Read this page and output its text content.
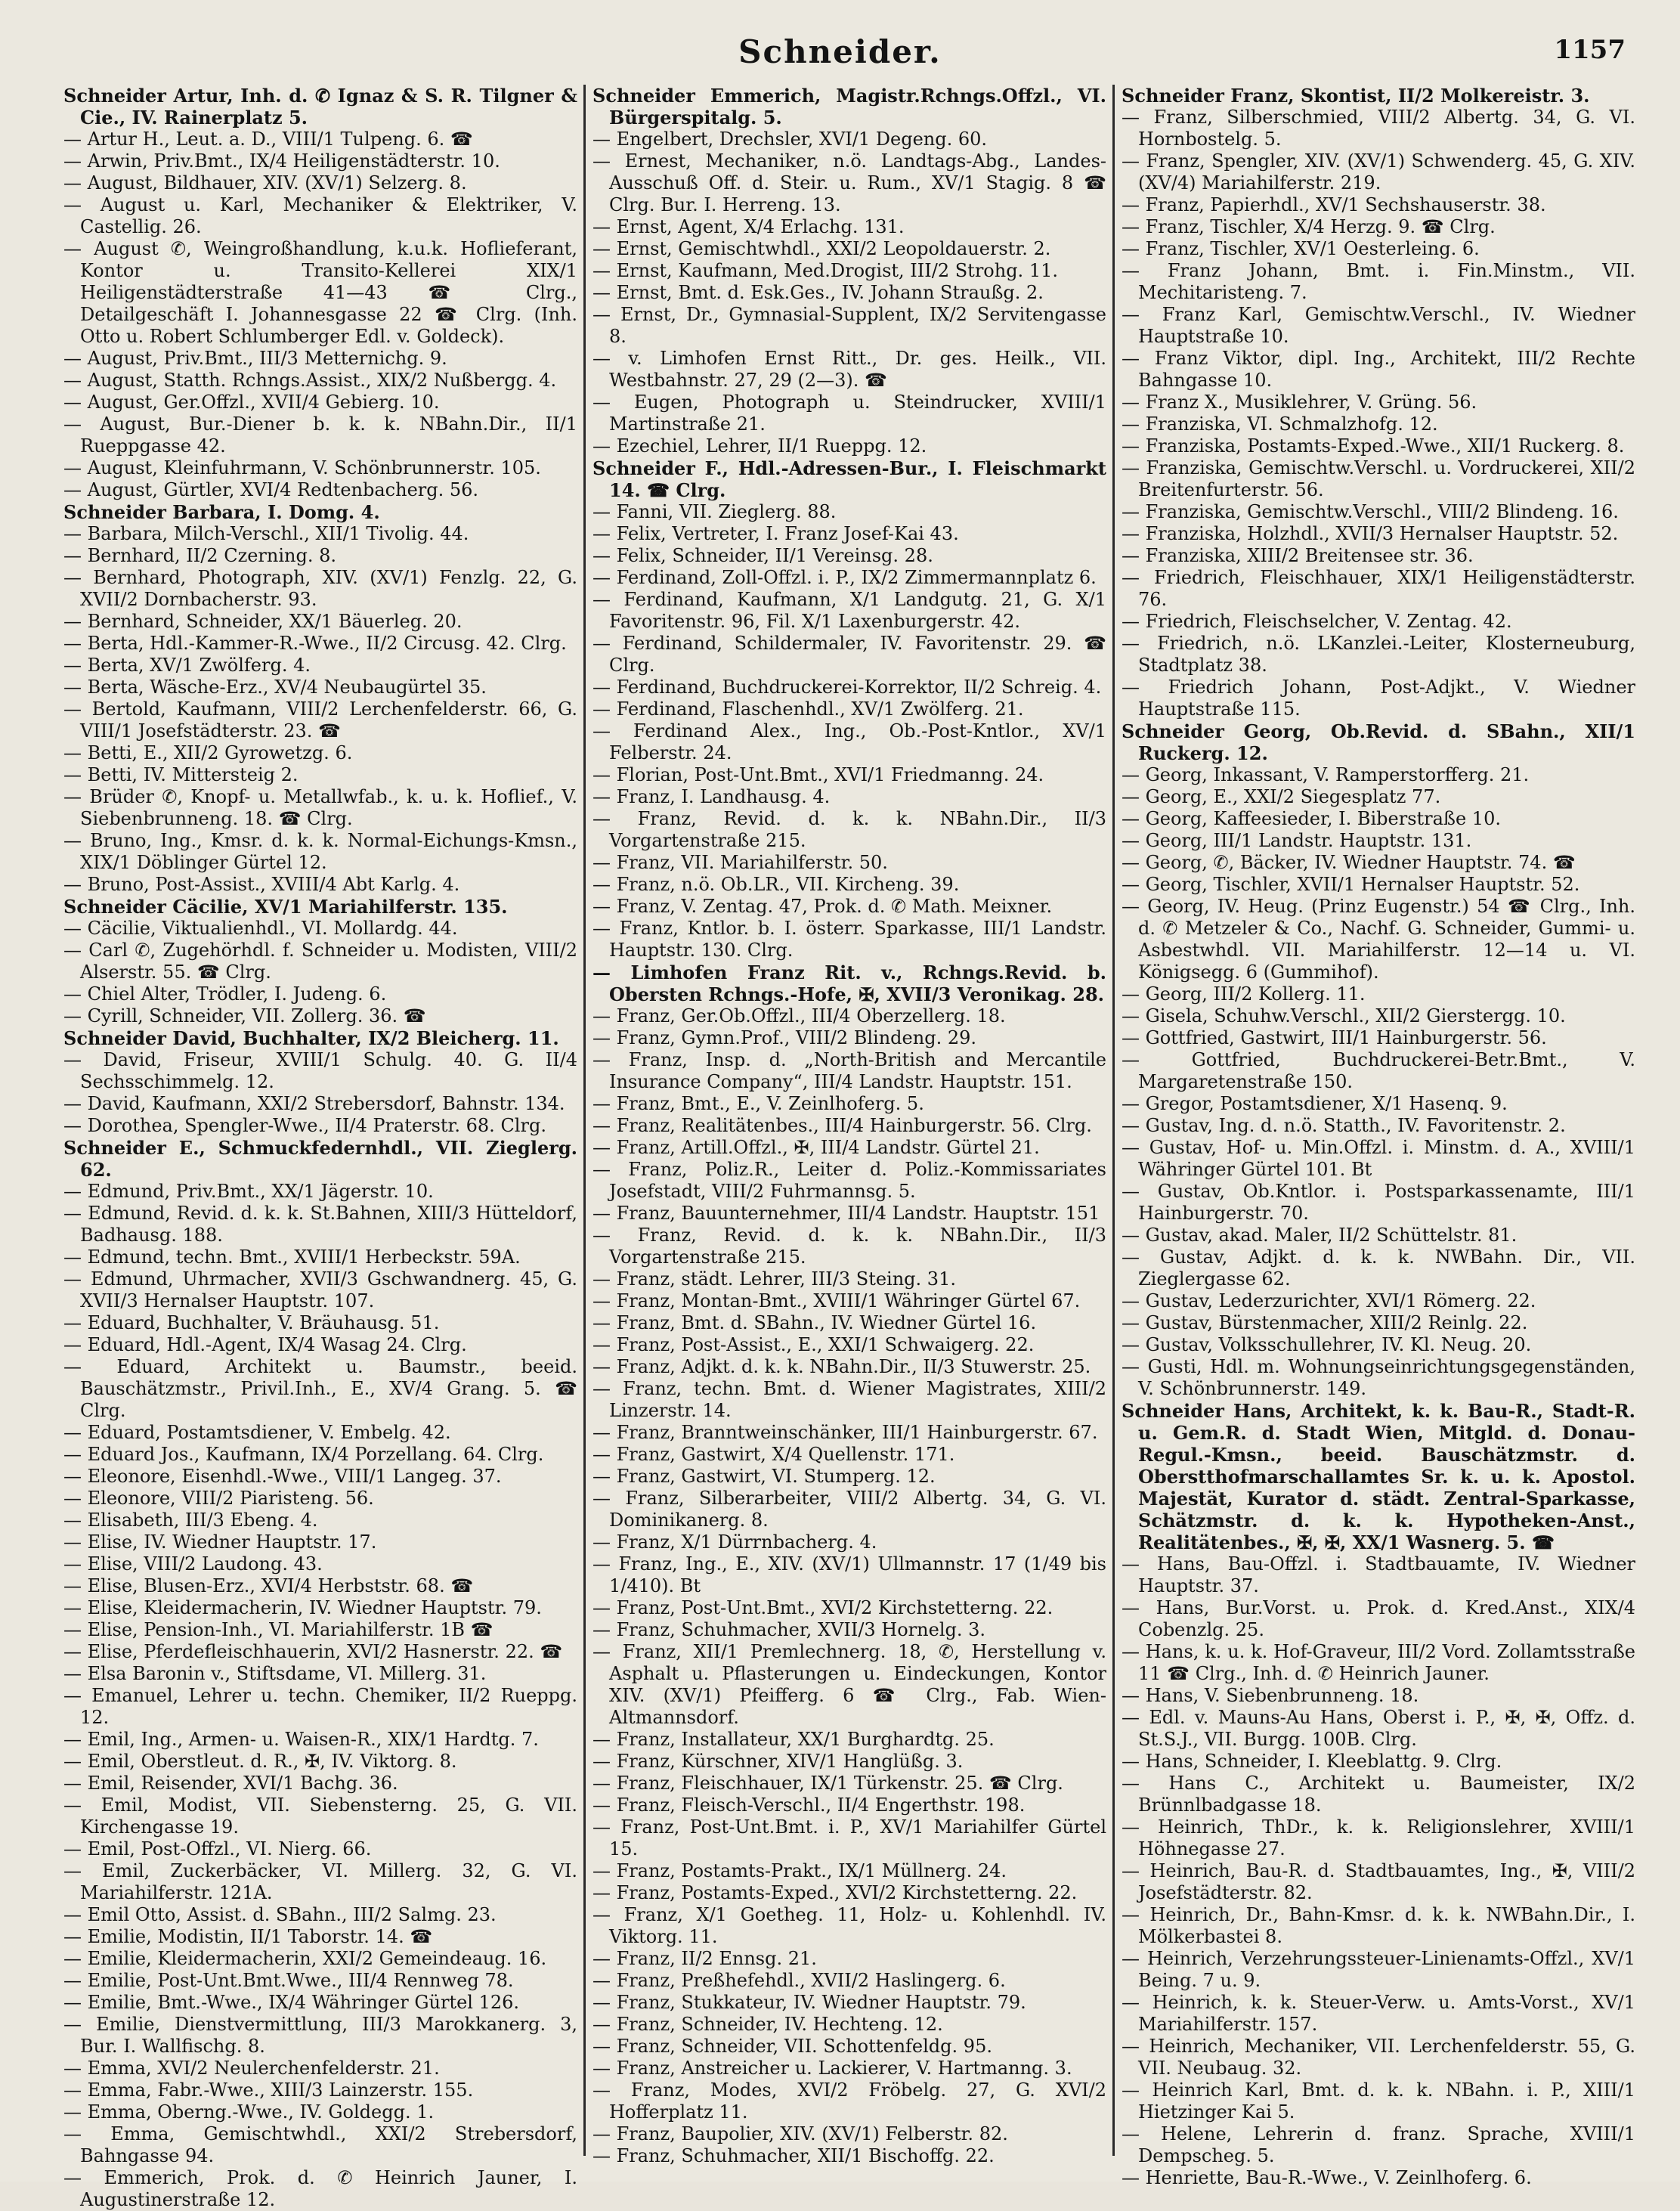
Schneider.	1157

Schneider Artur, Inh. d. ✆ Ignaz & S. R. Tilgner & Cie., IV. Rainerplatz 5.

— Artur H., Leut. a. D., VIII/1 Tulpeng. 6. ☎

— Arwin, Priv.Bmt., IX/4 Heiligenstädterstr. 10.

— August, Bildhauer, XIV. (XV/1) Selzerg. 8.

— August u. Karl, Mechaniker & Elektriker, V. Castellig. 26.

— August ✆, Weingroßhandlung, k.u.k. Hoflieferant, Kontor u. Transito-Kellerei XIX/1 Heiligenstädterstraße 41—43 ☎ Clrg., Detailgeschäft I. Johannesgasse 22 ☎ Clrg. (Inh. Otto u. Robert Schlumberger Edl. v. Goldeck).

— August, Priv.Bmt., III/3 Metternichg. 9.

— August, Statth. Rchngs.Assist., XIX/2 Nußbergg. 4.

— August, Ger.Offzl., XVII/4 Gebierg. 10.

— August, Bur.-Diener b. k. k. NBahn.Dir., II/1 Rueppgasse 42.

— August, Kleinfuhrmann, V. Schönbrunnerstr. 105.

— August, Gürtler, XVI/4 Redtenbacherg. 56.

Schneider Barbara, I. Domg. 4.

— Barbara, Milch-Verschl., XII/1 Tivolig. 44.

— Bernhard, II/2 Czerning. 8.

— Bernhard, Photograph, XIV. (XV/1) Fenzlg. 22, G. XVII/2 Dornbacherstr. 93.

— Bernhard, Schneider, XX/1 Bäuerleg. 20.

— Berta, Hdl.-Kammer-R.-Wwe., II/2 Circusg. 42. Clrg.

— Berta, XV/1 Zwölferg. 4.

— Berta, Wäsche-Erz., XV/4 Neubaugürtel 35.

— Bertold, Kaufmann, VIII/2 Lerchenfelderstr. 66, G. VIII/1 Josefstädterstr. 23. ☎

— Betti, E., XII/2 Gyrowetzg. 6.

— Betti, IV. Mittersteig 2.

— Brüder ✆, Knopf- u. Metallwfab., k. u. k. Hoflief., V. Siebenbrunneng. 18. ☎ Clrg.

— Bruno, Ing., Kmsr. d. k. k. Normal-Eichungs-Kmsn., XIX/1 Döblinger Gürtel 12.

— Bruno, Post-Assist., XVIII/4 Abt Karlg. 4.

Schneider Cäcilie, XV/1 Mariahilferstr. 135.

— Cäcilie, Viktualienhdl., VI. Mollardg. 44.

— Carl ✆, Zugehörhdl. f. Schneider u. Modisten, VIII/2 Alserstr. 55. ☎ Clrg.

— Chiel Alter, Trödler, I. Judeng. 6.

— Cyrill, Schneider, VII. Zollerg. 36. ☎

Schneider David, Buchhalter, IX/2 Bleicherg. 11.

— David, Friseur, XVIII/1 Schulg. 40. G. II/4 Sechsschimmelg. 12.

— David, Kaufmann, XXI/2 Strebersdorf, Bahnstr. 134.

— Dorothea, Spengler-Wwe., II/4 Praterstr. 68. Clrg.

Schneider E., Schmuckfedernhdl., VII. Zieglerg. 62.

— Edmund, Priv.Bmt., XX/1 Jägerstr. 10.

— Edmund, Revid. d. k. k. St.Bahnen, XIII/3 Hütteldorf, Badhausg. 188.

— Edmund, techn. Bmt., XVIII/1 Herbeckstr. 59A.

— Edmund, Uhrmacher, XVII/3 Gschwandnerg. 45, G. XVII/3 Hernalser Hauptstr. 107.

— Eduard, Buchhalter, V. Bräuhausg. 51.

— Eduard, Hdl.-Agent, IX/4 Wasag 24. Clrg.

— Eduard, Architekt u. Baumstr., beeid. Bauschätzmstr., Privil.Inh., E., XV/4 Grang. 5. ☎ Clrg.

— Eduard, Postamtsdiener, V. Embelg. 42.

— Eduard Jos., Kaufmann, IX/4 Porzellang. 64. Clrg.

— Eleonore, Eisenhdl.-Wwe., VIII/1 Langeg. 37.

— Eleonore, VIII/2 Piaristeng. 56.

— Elisabeth, III/3 Ebeng. 4.

— Elise, IV. Wiedner Hauptstr. 17.

— Elise, VIII/2 Laudong. 43.

— Elise, Blusen-Erz., XVI/4 Herbststr. 68. ☎

— Elise, Kleidermacherin, IV. Wiedner Hauptstr. 79.

— Elise, Pension-Inh., VI. Mariahilferstr. 1B ☎

— Elise, Pferdefleischhauerin, XVI/2 Hasnerstr. 22. ☎

— Elsa Baronin v., Stiftsdame, VI. Millerg. 31.

— Emanuel, Lehrer u. techn. Chemiker, II/2 Rueppg. 12.

— Emil, Ing., Armen- u. Waisen-R., XIX/1 Hardtg. 7.

— Emil, Oberstleut. d. R., ✠, IV. Viktorg. 8.

— Emil, Reisender, XVI/1 Bachg. 36.

— Emil, Modist, VII. Siebensterng. 25, G. VII. Kirchengasse 19.

— Emil, Post-Offzl., VI. Nierg. 66.

— Emil, Zuckerbäcker, VI. Millerg. 32, G. VI. Mariahilferstr. 121A.

— Emil Otto, Assist. d. SBahn., III/2 Salmg. 23.

— Emilie, Modistin, II/1 Taborstr. 14. ☎

— Emilie, Kleidermacherin, XXI/2 Gemeindeaug. 16.

— Emilie, Post-Unt.Bmt.Wwe., III/4 Rennweg 78.

— Emilie, Bmt.-Wwe., IX/4 Währinger Gürtel 126.

— Emilie, Dienstvermittlung, III/3 Marokkanerg. 3, Bur. I. Wallfischg. 8.

— Emma, XVI/2 Neulerchenfelderstr. 21.

— Emma, Fabr.-Wwe., XIII/3 Lainzerstr. 155.

— Emma, Oberng.-Wwe., IV. Goldegg. 1.

— Emma, Gemischtwhdl., XXI/2 Strebersdorf, Bahngasse 94.

— Emmerich, Prok. d. ✆ Heinrich Jauner, I. Augustinerstraße 12.

Schneider Emmerich, Magistr.Rchngs.Offzl., VI. Bürgerspitalg. 5.

— Engelbert, Drechsler, XVI/1 Degeng. 60.

— Ernest, Mechaniker, n.ö. Landtags-Abg., Landes-Ausschuß Off. d. Steir. u. Rum., XV/1 Stagig. 8 ☎ Clrg. Bur. I. Herreng. 13.

— Ernst, Agent, X/4 Erlachg. 131.

— Ernst, Gemischtwhdl., XXI/2 Leopoldauerstr. 2.

— Ernst, Kaufmann, Med.Drogist, III/2 Strohg. 11.

— Ernst, Bmt. d. Esk.Ges., IV. Johann Straußg. 2.

— Ernst, Dr., Gymnasial-Supplent, IX/2 Servitengasse 8.

— v. Limhofen Ernst Ritt., Dr. ges. Heilk., VII. Westbahnstr. 27, 29 (2—3). ☎

— Eugen, Photograph u. Steindrucker, XVIII/1 Martinstraße 21.

— Ezechiel, Lehrer, II/1 Rueppg. 12.

Schneider F., Hdl.-Adressen-Bur., I. Fleischmarkt 14. ☎ Clrg.

— Fanni, VII. Zieglerg. 88.

— Felix, Vertreter, I. Franz Josef-Kai 43.

— Felix, Schneider, II/1 Vereinsg. 28.

— Ferdinand, Zoll-Offzl. i. P., IX/2 Zimmermannplatz 6.

— Ferdinand, Kaufmann, X/1 Landgutg. 21, G. X/1 Favoritenstr. 96, Fil. X/1 Laxenburgerstr. 42.

— Ferdinand, Schildermaler, IV. Favoritenstr. 29. ☎ Clrg.

— Ferdinand, Buchdruckerei-Korrektor, II/2 Schreig. 4.

— Ferdinand, Flaschenhdl., XV/1 Zwölferg. 21.

— Ferdinand Alex., Ing., Ob.-Post-Kntlor., XV/1 Felberstr. 24.

— Florian, Post-Unt.Bmt., XVI/1 Friedmanng. 24.

— Franz, I. Landhausg. 4.

— Franz, Revid. d. k. k. NBahn.Dir., II/3 Vorgartenstraße 215.

— Franz, VII. Mariahilferstr. 50.

— Franz, n.ö. Ob.LR., VII. Kircheng. 39.

— Franz, V. Zentag. 47, Prok. d. ✆ Math. Meixner.

— Franz, Kntlor. b. I. österr. Sparkasse, III/1 Landstr. Hauptstr. 130. Clrg.

— Limhofen Franz Rit. v., Rchngs.Revid. b. Obersten Rchngs.-Hofe, ✠, XVII/3 Veronikag. 28.

— Franz, Ger.Ob.Offzl., III/4 Oberzellerg. 18.

— Franz, Gymn.Prof., VIII/2 Blindeng. 29.

— Franz, Insp. d. „North-British and Mercantile Insurance Company“, III/4 Landstr. Hauptstr. 151.

— Franz, Bmt., E., V. Zeinlhoferg. 5.

— Franz, Realitätenbes., III/4 Hainburgerstr. 56. Clrg.

— Franz, Artill.Offzl., ✠, III/4 Landstr. Gürtel 21.

— Franz, Poliz.R., Leiter d. Poliz.-Kommissariates Josefstadt, VIII/2 Fuhrmannsg. 5.

— Franz, Bauunternehmer, III/4 Landstr. Hauptstr. 151

— Franz, Revid. d. k. k. NBahn.Dir., II/3 Vorgartenstraße 215.

— Franz, städt. Lehrer, III/3 Steing. 31.

— Franz, Montan-Bmt., XVIII/1 Währinger Gürtel 67.

— Franz, Bmt. d. SBahn., IV. Wiedner Gürtel 16.

— Franz, Post-Assist., E., XXI/1 Schwaigerg. 22.

— Franz, Adjkt. d. k. k. NBahn.Dir., II/3 Stuwerstr. 25.

— Franz, techn. Bmt. d. Wiener Magistrates, XIII/2 Linzerstr. 14.

— Franz, Branntweinschänker, III/1 Hainburgerstr. 67.

— Franz, Gastwirt, X/4 Quellenstr. 171.

— Franz, Gastwirt, VI. Stumperg. 12.

— Franz, Silberarbeiter, VIII/2 Albertg. 34, G. VI. Dominikanerg. 8.

— Franz, X/1 Dürrnbacherg. 4.

— Franz, Ing., E., XIV. (XV/1) Ullmannstr. 17 (1/49 bis 1/410). Bt

— Franz, Post-Unt.Bmt., XVI/2 Kirchstetterng. 22.

— Franz, Schuhmacher, XVII/3 Hornelg. 3.

— Franz, XII/1 Premlechnerg. 18, ✆, Herstellung v. Asphalt u. Pflasterungen u. Eindeckungen, Kontor XIV. (XV/1) Pfeifferg. 6 ☎ Clrg., Fab. Wien-Altmannsdorf.

— Franz, Installateur, XX/1 Burghardtg. 25.

— Franz, Kürschner, XIV/1 Hanglüßg. 3.

— Franz, Fleischhauer, IX/1 Türkenstr. 25. ☎ Clrg.

— Franz, Fleisch-Verschl., II/4 Engerthstr. 198.

— Franz, Post-Unt.Bmt. i. P., XV/1 Mariahilfer Gürtel 15.

— Franz, Postamts-Prakt., IX/1 Müllnerg. 24.

— Franz, Postamts-Exped., XVI/2 Kirchstetterng. 22.

— Franz, X/1 Goetheg. 11, Holz- u. Kohlenhdl. IV. Viktorg. 11.

— Franz, II/2 Ennsg. 21.

— Franz, Preßhefehdl., XVII/2 Haslingerg. 6.

— Franz, Stukkateur, IV. Wiedner Hauptstr. 79.

— Franz, Schneider, IV. Hechteng. 12.

— Franz, Schneider, VII. Schottenfeldg. 95.

— Franz, Anstreicher u. Lackierer, V. Hartmanng. 3.

— Franz, Modes, XVI/2 Fröbelg. 27, G. XVI/2 Hofferplatz 11.

— Franz, Baupolier, XIV. (XV/1) Felberstr. 82.

— Franz, Schuhmacher, XII/1 Bischoffg. 22.

Schneider Franz, Skontist, II/2 Molkereistr. 3.

— Franz, Silberschmied, VIII/2 Albertg. 34, G. VI. Hornbostelg. 5.

— Franz, Spengler, XIV. (XV/1) Schwenderg. 45, G. XIV. (XV/4) Mariahilferstr. 219.

— Franz, Papierhdl., XV/1 Sechshauserstr. 38.

— Franz, Tischler, X/4 Herzg. 9. ☎ Clrg.

— Franz, Tischler, XV/1 Oesterleing. 6.

— Franz Johann, Bmt. i. Fin.Minstm., VII. Mechitaristeng. 7.

— Franz Karl, Gemischtw.Verschl., IV. Wiedner Hauptstraße 10.

— Franz Viktor, dipl. Ing., Architekt, III/2 Rechte Bahngasse 10.

— Franz X., Musiklehrer, V. Grüng. 56.

— Franziska, VI. Schmalzhofg. 12.

— Franziska, Postamts-Exped.-Wwe., XII/1 Ruckerg. 8.

— Franziska, Gemischtw.Verschl. u. Vordruckerei, XII/2 Breitenfurterstr. 56.

— Franziska, Gemischtw.Verschl., VIII/2 Blindeng. 16.

— Franziska, Holzhdl., XVII/3 Hernalser Hauptstr. 52.

— Franziska, XIII/2 Breitensee str. 36.

— Friedrich, Fleischhauer, XIX/1 Heiligenstädterstr. 76.

— Friedrich, Fleischselcher, V. Zentag. 42.

— Friedrich, n.ö. LKanzlei.-Leiter, Klosterneuburg, Stadtplatz 38.

— Friedrich Johann, Post-Adjkt., V. Wiedner Hauptstraße 115.

Schneider Georg, Ob.Revid. d. SBahn., XII/1 Ruckerg. 12.

— Georg, Inkassant, V. Ramperstorfferg. 21.

— Georg, E., XXI/2 Siegesplatz 77.

— Georg, Kaffeesieder, I. Biberstraße 10.

— Georg, III/1 Landstr. Hauptstr. 131.

— Georg, ✆, Bäcker, IV. Wiedner Hauptstr. 74. ☎

— Georg, Tischler, XVII/1 Hernalser Hauptstr. 52.

— Georg, IV. Heug. (Prinz Eugenstr.) 54 ☎ Clrg., Inh. d. ✆ Metzeler & Co., Nachf. G. Schneider, Gummi- u. Asbestwhdl. VII. Mariahilferstr. 12—14 u. VI. Königsegg. 6 (Gummihof).

— Georg, III/2 Kollerg. 11.

— Gisela, Schuhw.Verschl., XII/2 Gierstergg. 10.

— Gottfried, Gastwirt, III/1 Hainburgerstr. 56.

— Gottfried, Buchdruckerei-Betr.Bmt., V. Margaretenstraße 150.

— Gregor, Postamtsdiener, X/1 Hasenq. 9.

— Gustav, Ing. d. n.ö. Statth., IV. Favoritenstr. 2.

— Gustav, Hof- u. Min.Offzl. i. Minstm. d. A., XVIII/1 Währinger Gürtel 101. Bt

— Gustav, Ob.Kntlor. i. Postsparkassenamte, III/1 Hainburgerstr. 70.

— Gustav, akad. Maler, II/2 Schüttelstr. 81.

— Gustav, Adjkt. d. k. k. NWBahn. Dir., VII. Zieglergasse 62.

— Gustav, Lederzurichter, XVI/1 Römerg. 22.

— Gustav, Bürstenmacher, XIII/2 Reinlg. 22.

— Gustav, Volksschullehrer, IV. Kl. Neug. 20.

— Gusti, Hdl. m. Wohnungseinrichtungsgegenständen, V. Schönbrunnerstr. 149.

Schneider Hans, Architekt, k. k. Bau-R., Stadt-R. u. Gem.R. d. Stadt Wien, Mitgld. d. Donau-Regul.-Kmsn., beeid. Bauschätzmstr. d. Oberstthofmarschallamtes Sr. k. u. k. Apostol. Majestät, Kurator d. städt. Zentral-Sparkasse, Schätzmstr. d. k. k. Hypotheken-Anst., Realitätenbes., ✠, ✠, XX/1 Wasnerg. 5. ☎

— Hans, Bau-Offzl. i. Stadtbauamte, IV. Wiedner Hauptstr. 37.

— Hans, Bur.Vorst. u. Prok. d. Kred.Anst., XIX/4 Cobenzlg. 25.

— Hans, k. u. k. Hof-Graveur, III/2 Vord. Zollamtsstraße 11 ☎ Clrg., Inh. d. ✆ Heinrich Jauner.

— Hans, V. Siebenbrunneng. 18.

— Edl. v. Mauns-Au Hans, Oberst i. P., ✠, ✠, Offz. d. St.S.J., VII. Burgg. 100B. Clrg.

— Hans, Schneider, I. Kleeblattg. 9. Clrg.

— Hans C., Architekt u. Baumeister, IX/2 Brünnlbadgasse 18.

— Heinrich, ThDr., k. k. Religionslehrer, XVIII/1 Höhnegasse 27.

— Heinrich, Bau-R. d. Stadtbauamtes, Ing., ✠, VIII/2 Josefstädterstr. 82.

— Heinrich, Dr., Bahn-Kmsr. d. k. k. NWBahn.Dir., I. Mölkerbastei 8.

— Heinrich, Verzehrungssteuer-Linienamts-Offzl., XV/1 Being. 7 u. 9.

— Heinrich, k. k. Steuer-Verw. u. Amts-Vorst., XV/1 Mariahilferstr. 157.

— Heinrich, Mechaniker, VII. Lerchenfelderstr. 55, G. VII. Neubaug. 32.

— Heinrich Karl, Bmt. d. k. k. NBahn. i. P., XIII/1 Hietzinger Kai 5.

— Helene, Lehrerin d. franz. Sprache, XVIII/1 Dempscheg. 5.

— Henriette, Bau-R.-Wwe., V. Zeinlhoferg. 6.
